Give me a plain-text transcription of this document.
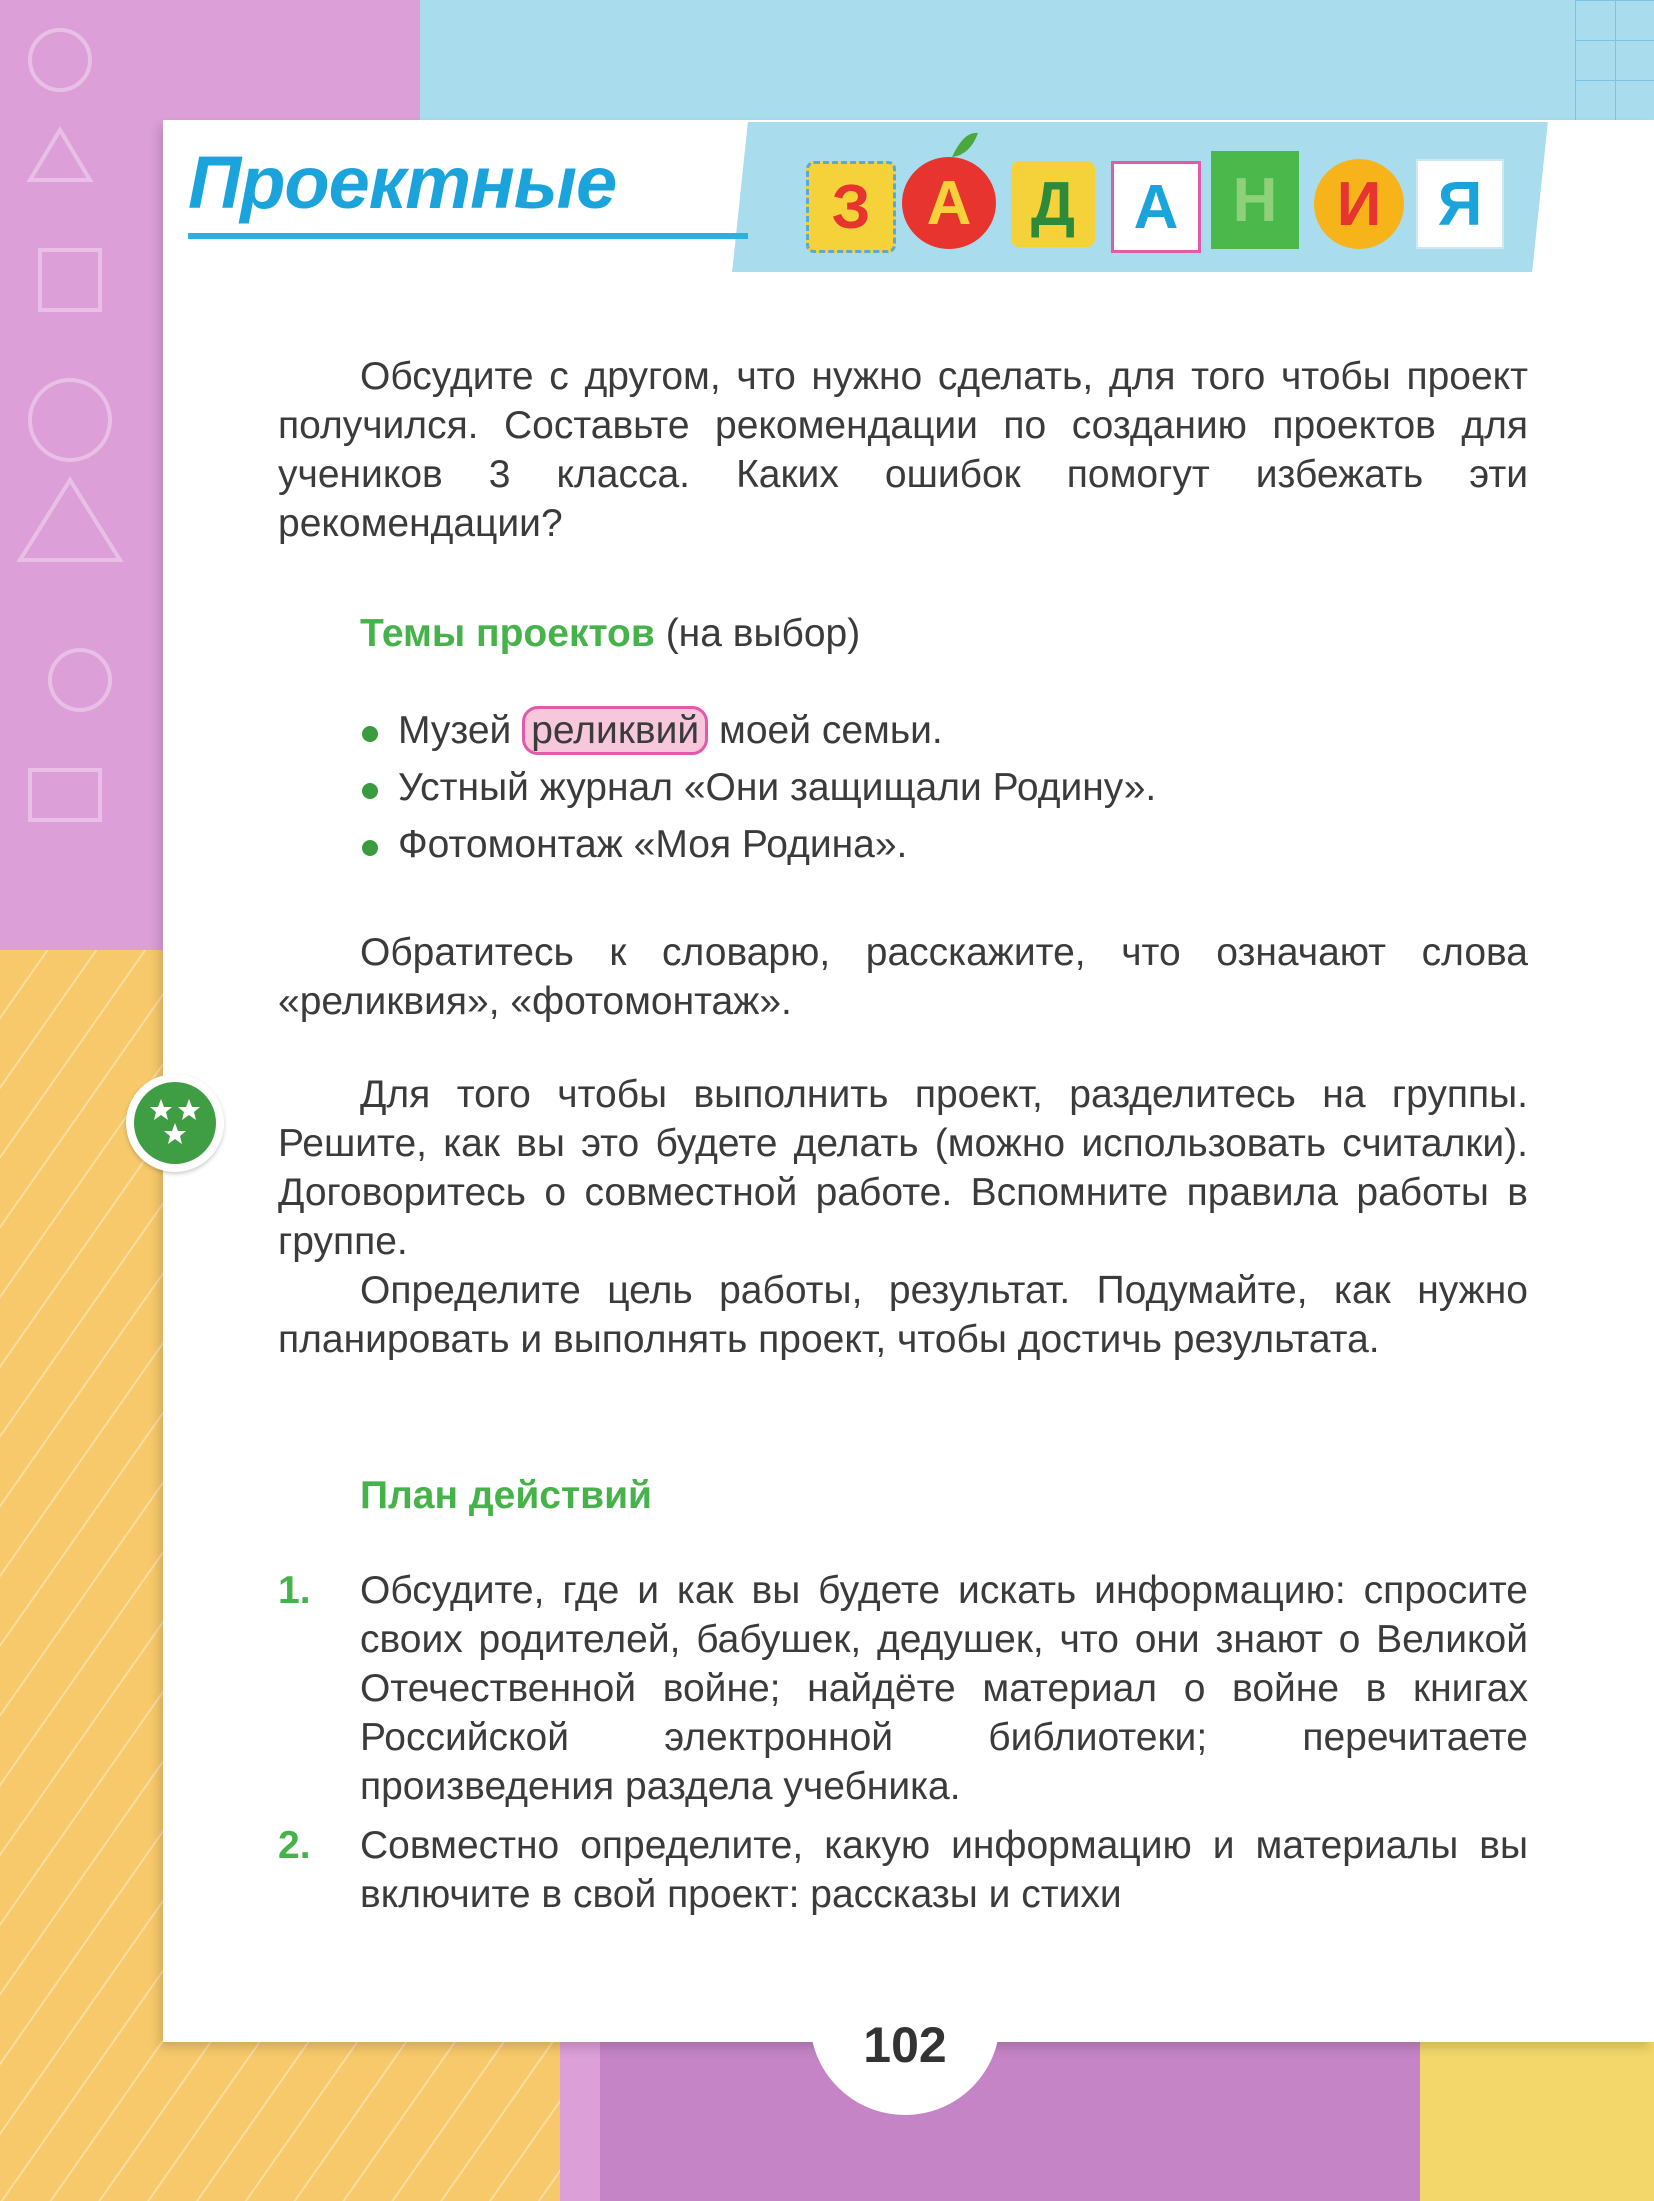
Проектные	З А Д А Н И Я

Обсудите с другом, что нужно сделать, для того чтобы проект получился. Составьте рекомендации по созданию проектов для учеников 3 класса. Каких ошибок помогут избежать эти рекомендации?

Темы проектов (на выбор)
Музей реликвий моей семьи.
Устный журнал «Они защищали Родину».
Фотомонтаж «Моя Родина».

Обратитесь к словарю, расскажите, что означают слова «реликвия», «фотомонтаж».

Для того чтобы выполнить проект, разделитесь на группы. Решите, как вы это будете делать (можно использовать считалки). Договоритесь о совместной работе. Вспомните правила работы в группе.

Определите цель работы, результат. Подумайте, как нужно планировать и выполнять проект, чтобы достичь результата.

План действий
1. Обсудите, где и как вы будете искать информацию: спросите своих родителей, бабушек, дедушек, что они знают о Великой Отечественной войне; найдёте материал о войне в книгах Российской электронной библиотеки; перечитаете произведения раздела учебника.
2. Совместно определите, какую информацию и материалы вы включите в свой проект: рассказы и стихи
102
